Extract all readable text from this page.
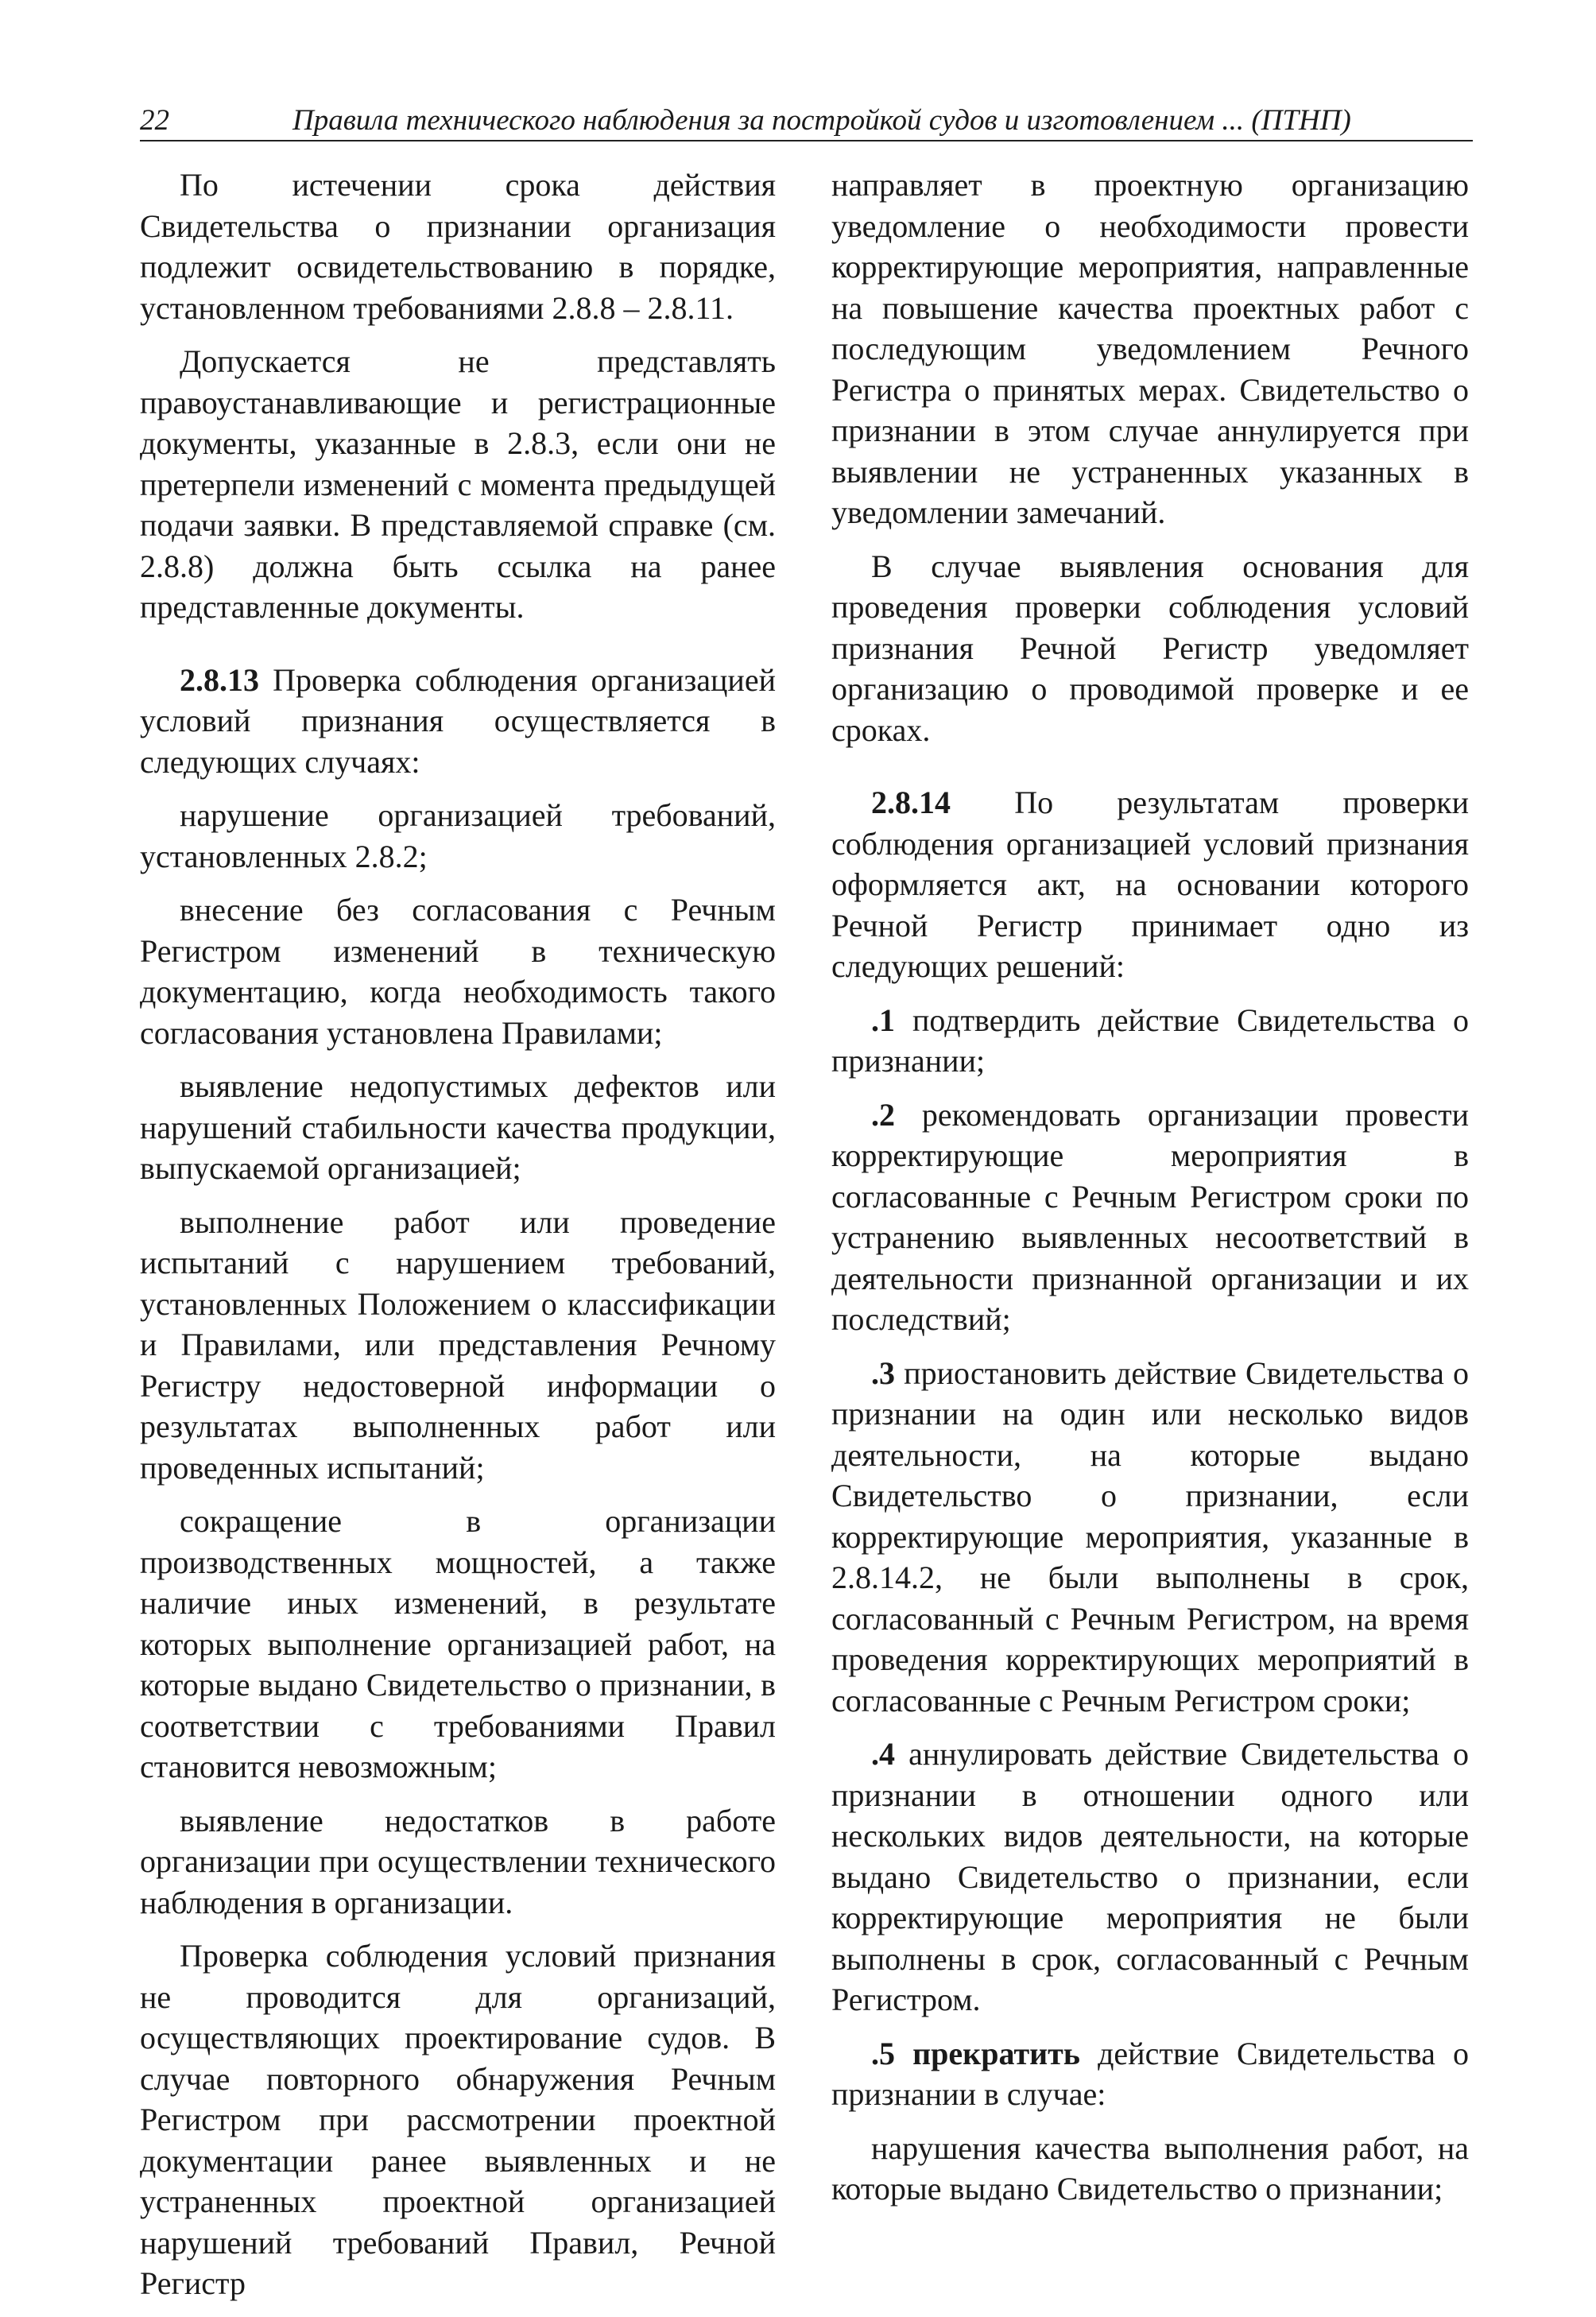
22	Правила технического наблюдения за постройкой судов и изготовлением ... (ПТНП)

По истечении срока действия Свидетельства о признании организация подлежит освидетельствованию в порядке, установленном требованиями 2.8.8 – 2.8.11.

Допускается не представлять правоустанавливающие и регистрационные документы, указанные в 2.8.3, если они не претерпели изменений с момента предыдущей подачи заявки. В представляемой справке (см. 2.8.8) должна быть ссылка на ранее представленные документы.

2.8.13 Проверка соблюдения организацией условий признания осуществляется в следующих случаях:

нарушение организацией требований, установленных 2.8.2;

внесение без согласования с Речным Регистром изменений в техническую документацию, когда необходимость такого согласования установлена Правилами;

выявление недопустимых дефектов или нарушений стабильности качества продукции, выпускаемой организацией;

выполнение работ или проведение испытаний с нарушением требований, установленных Положением о классификации и Правилами, или представления Речному Регистру недостоверной информации о результатах выполненных работ или проведенных испытаний;

сокращение в организации производственных мощностей, а также наличие иных изменений, в результате которых выполнение организацией работ, на которые выдано Свидетельство о признании, в соответствии с требованиями Правил становится невозможным;

выявление недостатков в работе организации при осуществлении технического наблюдения в организации.

Проверка соблюдения условий признания не проводится для организаций, осуществляющих проектирование судов. В случае повторного обнаружения Речным Регистром при рассмотрении проектной документации ранее выявленных и не устраненных проектной организацией нарушений требований Правил, Речной Регистр

направляет в проектную организацию уведомление о необходимости провести корректирующие мероприятия, направленные на повышение качества проектных работ с последующим уведомлением Речного Регистра о принятых мерах. Свидетельство о признании в этом случае аннулируется при выявлении не устраненных указанных в уведомлении замечаний.

В случае выявления основания для проведения проверки соблюдения условий признания Речной Регистр уведомляет организацию о проводимой проверке и ее сроках.

2.8.14 По результатам проверки соблюдения организацией условий признания оформляется акт, на основании которого Речной Регистр принимает одно из следующих решений:

.1 подтвердить действие Свидетельства о признании;

.2 рекомендовать организации провести корректирующие мероприятия в согласованные с Речным Регистром сроки по устранению выявленных несоответствий в деятельности признанной организации и их последствий;

.3 приостановить действие Свидетельства о признании на один или несколько видов деятельности, на которые выдано Свидетельство о признании, если корректирующие мероприятия, указанные в 2.8.14.2, не были выполнены в срок, согласованный с Речным Регистром, на время проведения корректирующих мероприятий в согласованные с Речным Регистром сроки;

.4 аннулировать действие Свидетельства о признании в отношении одного или нескольких видов деятельности, на которые выдано Свидетельство о признании, если корректирующие мероприятия не были выполнены в срок, согласованный с Речным Регистром.

.5 прекратить действие Свидетельства о признании в случае:

нарушения качества выполнения работ, на которые выдано Свидетельство о признании;
